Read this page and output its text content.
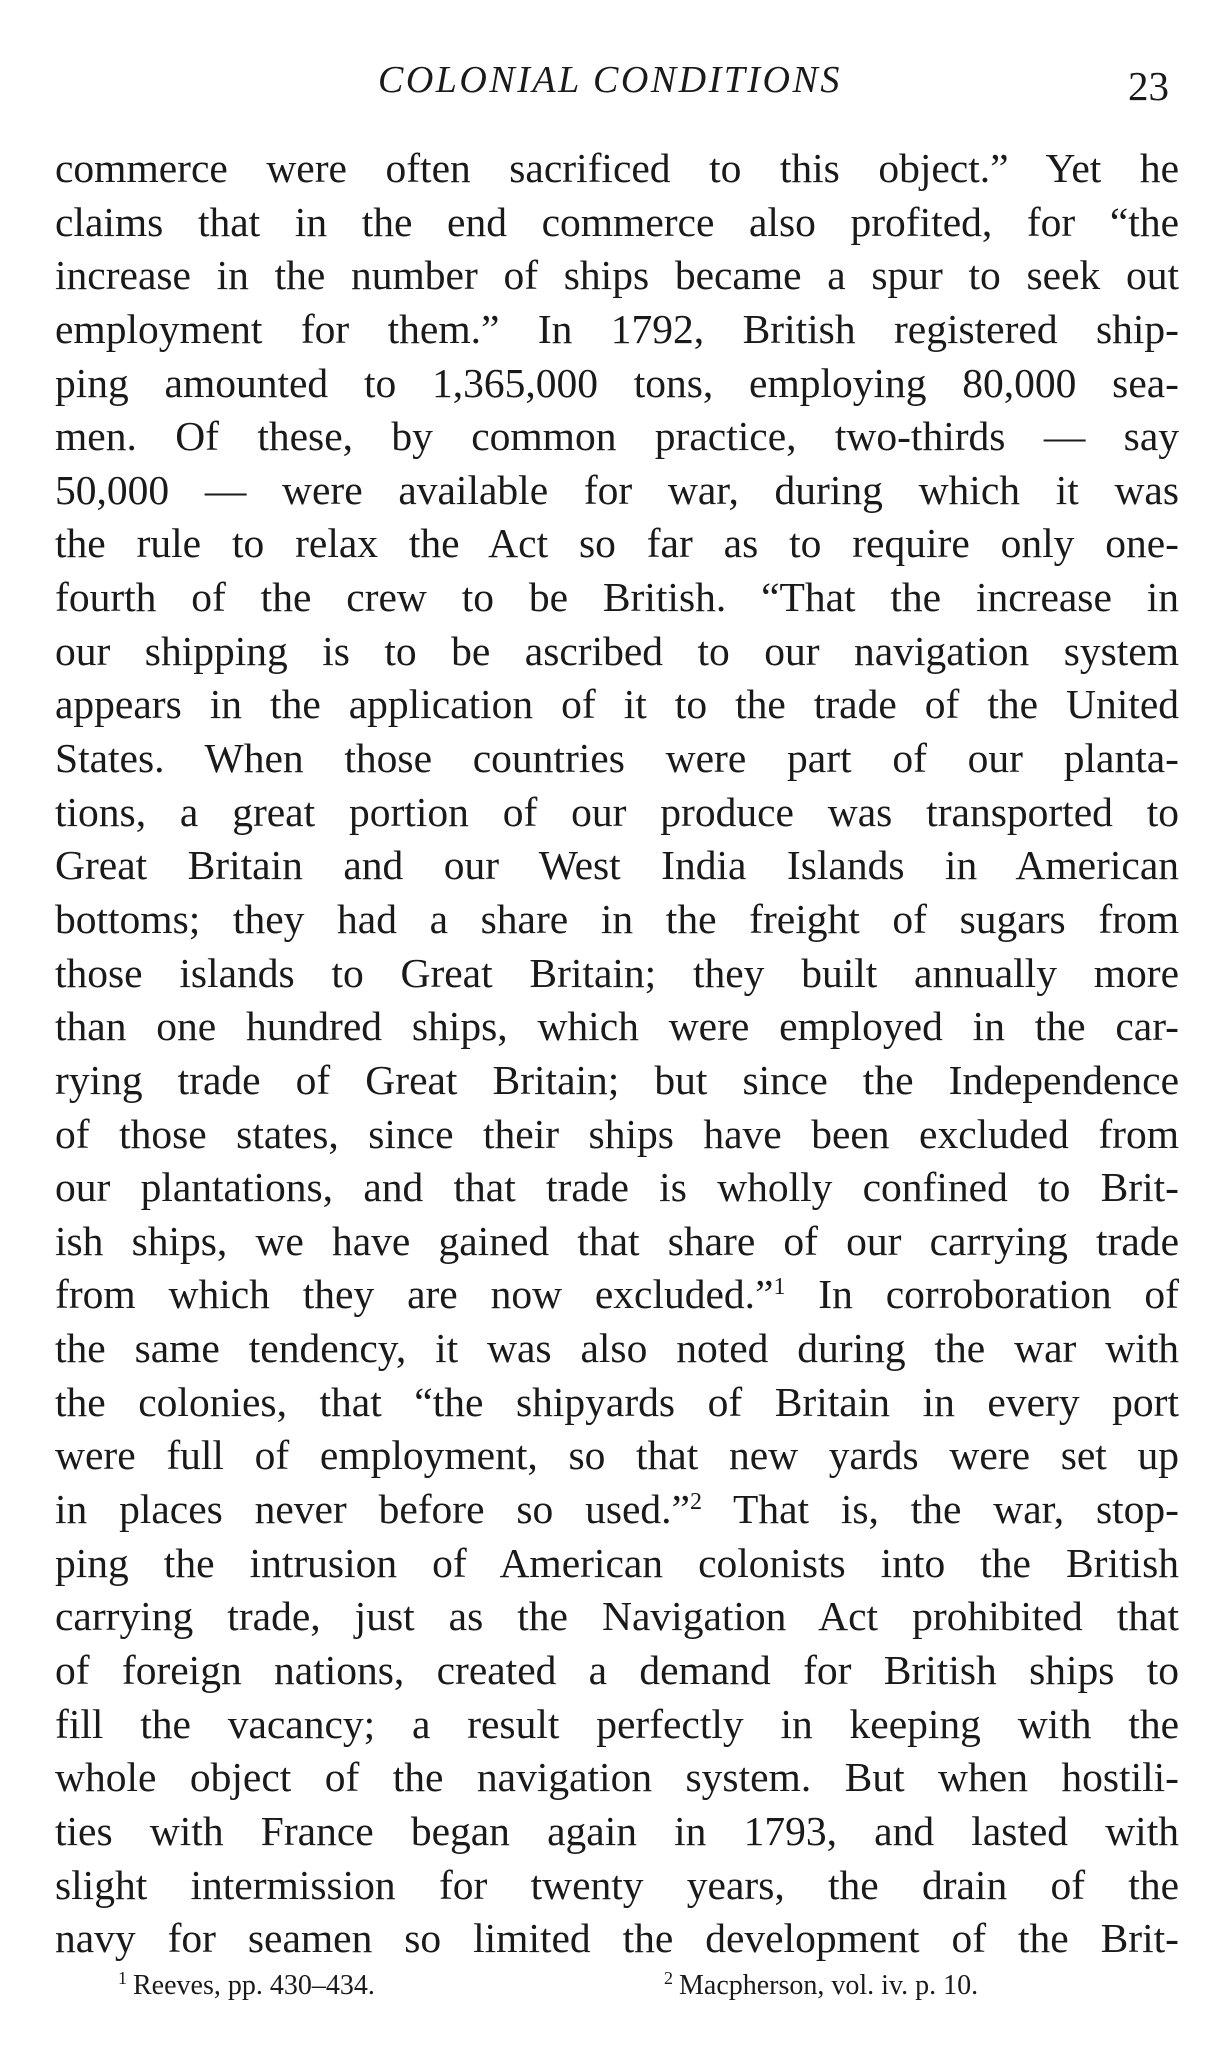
COLONIAL CONDITIONS	23
commerce were often sacrificed to this object.” Yet he
claims that in the end commerce also profited, for “the
increase in the number of ships became a spur to seek out
employment for them.” In 1792, British registered ship-
ping amounted to 1,365,000 tons, employing 80,000 sea-
men. Of these, by common practice, two-thirds — say
50,000 — were available for war, during which it was
the rule to relax the Act so far as to require only one-
fourth of the crew to be British. “That the increase in
our shipping is to be ascribed to our navigation system
appears in the application of it to the trade of the United
States. When those countries were part of our planta-
tions, a great portion of our produce was transported to
Great Britain and our West India Islands in American
bottoms; they had a share in the freight of sugars from
those islands to Great Britain; they built annually more
than one hundred ships, which were employed in the car-
rying trade of Great Britain; but since the Independence
of those states, since their ships have been excluded from
our plantations, and that trade is wholly confined to Brit-
ish ships, we have gained that share of our carrying trade
from which they are now excluded.”$^1$ In corroboration of
the same tendency, it was also noted during the war with
the colonies, that “the shipyards of Britain in every port
were full of employment, so that new yards were set up
in places never before so used.”$^2$ That is, the war, stop-
ping the intrusion of American colonists into the British
carrying trade, just as the Navigation Act prohibited that
of foreign nations, created a demand for British ships to
fill the vacancy; a result perfectly in keeping with the
whole object of the navigation system. But when hostili-
ties with France began again in 1793, and lasted with
slight intermission for twenty years, the drain of the
navy for seamen so limited the development of the Brit-
$^1$ Reeves, pp. 430–434.	$^2$ Macpherson, vol. iv. p. 10.
